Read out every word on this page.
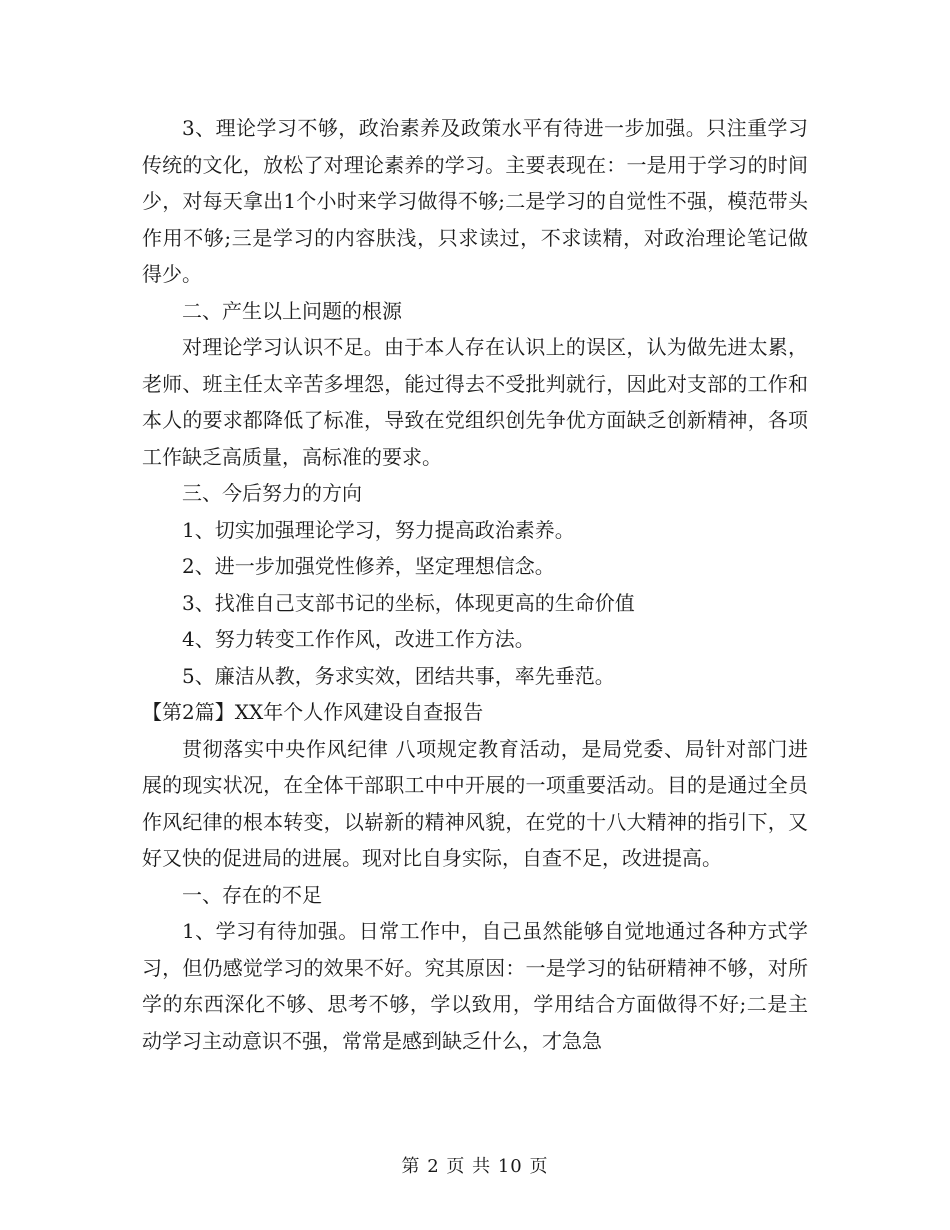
3、理论学习不够，政治素养及政策水平有待进一步加强。只注重学习传统的文化，放松了对理论素养的学习。主要表现在：一是用于学习的时间少，对每天拿出1个小时来学习做得不够;二是学习的自觉性不强，模范带头作用不够;三是学习的内容肤浅，只求读过，不求读精，对政治理论笔记做得少。

二、产生以上问题的根源

对理论学习认识不足。由于本人存在认识上的误区，认为做先进太累，老师、班主任太辛苦多埋怨，能过得去不受批判就行，因此对支部的工作和本人的要求都降低了标准，导致在党组织创先争优方面缺乏创新精神，各项工作缺乏高质量，高标准的要求。

三、今后努力的方向

1、切实加强理论学习，努力提高政治素养。

2、进一步加强党性修养，坚定理想信念。

3、找准自己支部书记的坐标，体现更高的生命价值

4、努力转变工作作风，改进工作方法。

5、廉洁从教，务求实效，团结共事，率先垂范。

【第2篇】XX年个人作风建设自查报告

贯彻落实中央作风纪律 八项规定教育活动，是局党委、局针对部门进展的现实状况，在全体干部职工中中开展的一项重要活动。目的是通过全员作风纪律的根本转变，以崭新的精神风貌，在党的十八大精神的指引下，又好又快的促进局的进展。现对比自身实际，自查不足，改进提高。

一、存在的不足

1、学习有待加强。日常工作中，自己虽然能够自觉地通过各种方式学习，但仍感觉学习的效果不好。究其原因：一是学习的钻研精神不够，对所学的东西深化不够、思考不够，学以致用，学用结合方面做得不好;二是主动学习主动意识不强，常常是感到缺乏什么，才急急

第 2 页 共 10 页
